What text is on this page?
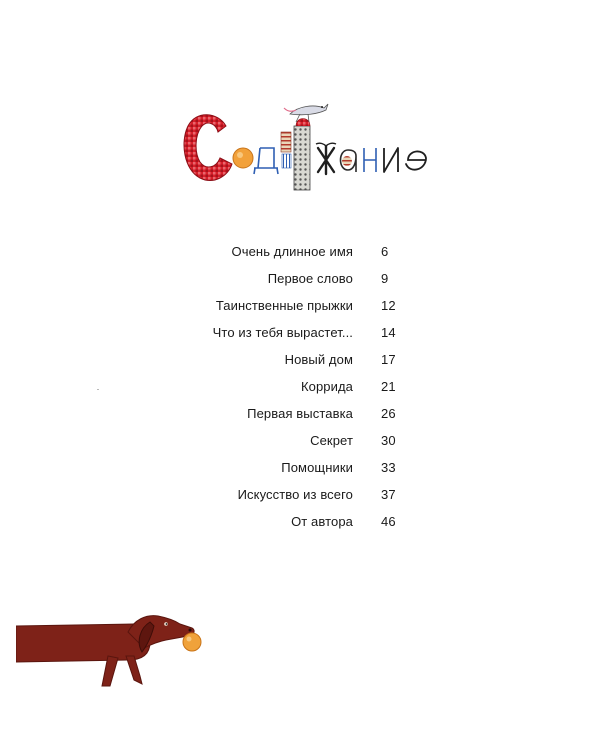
Очень длинное имя 6
Первое слово 9
Таинственные прыжки 12
Что из тебя вырастет... 14
Новый дом 17
Коррида 21
Первая выставка 26
Секрет 30
Помощники 33
Искусство из всего 37
От автора 46
